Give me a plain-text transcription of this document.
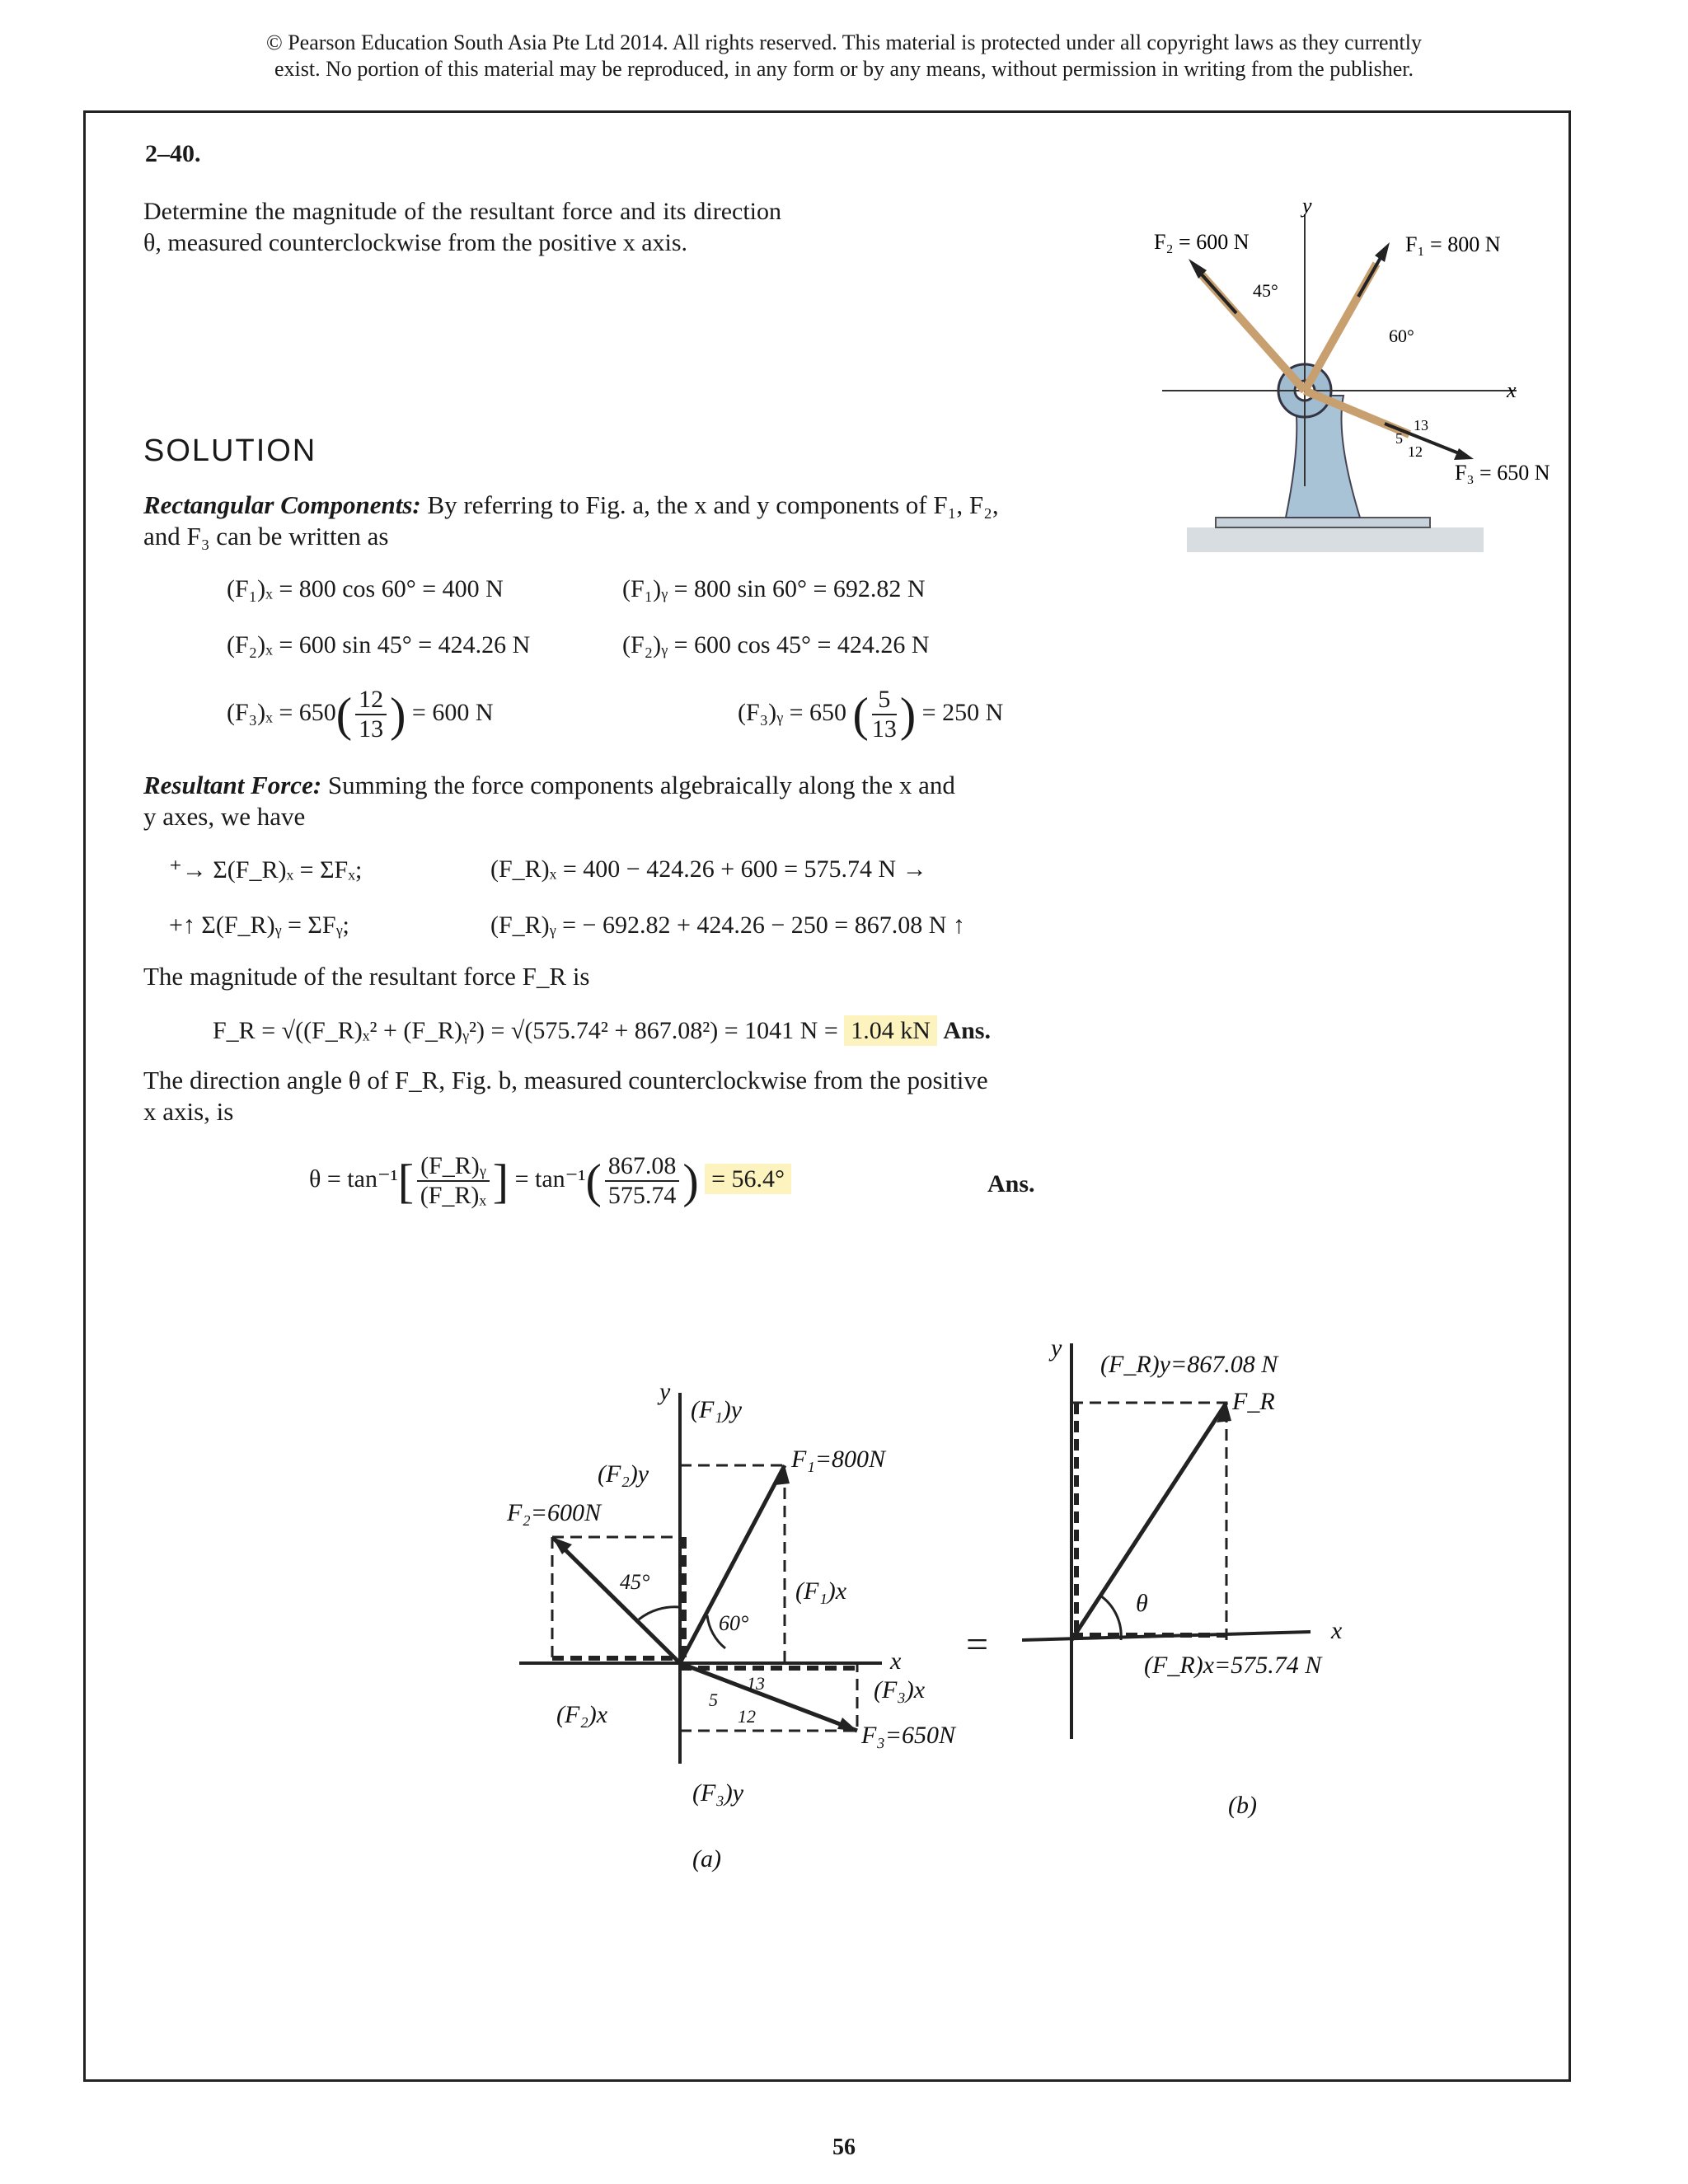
© Pearson Education South Asia Pte Ltd 2014. All rights reserved. This material is protected under all copyright laws as they currently
exist. No portion of this material may be reproduced, in any form or by any means, without permission in writing from the publisher.
2–40.
Determine the magnitude of the resultant force and its direction θ, measured counterclockwise from the positive x axis.
y
x
F₂ = 600 N
45°
F₁ = 800 N
60°
F₃ = 650 N
13
5
12
SOLUTION
Rectangular Components: By referring to Fig. a, the x and y components of F₁, F₂,
and F₃ can be written as
(F₁)ₓ = 800 cos 60° = 400 N	(F₁)ᵧ = 800 sin 60° = 692.82 N
(F₂)ₓ = 600 sin 45° = 424.26 N	(F₂)ᵧ = 600 cos 45° = 424.26 N
$(F_3)_x = 650( \frac{12}{13}$ ) = 600 N	(F₃)ᵧ = 650 ( $\frac{5}{13}$ ) = 250 N
Resultant Force: Summing the force components algebraically along the x and
y axes, we have
⁺→ Σ(F_R)ₓ = ΣFₓ;	(F_R)ₓ = 400 − 424.26 + 600 = 575.74 N →
+↑ Σ(F_R)ᵧ = ΣFᵧ;	(F_R)ᵧ = − 692.82 + 424.26 − 250 = 867.08 N ↑
The magnitude of the resultant force F_R is
F_R = √((F_R)ₓ² + (F_R)ᵧ²) = √(575.74² + 867.08²) = 1041 N = 1.04 kN Ans.
The direction angle θ of F_R, Fig. b, measured counterclockwise from the positive
x axis, is
$\theta = \tan^{-1}[ \frac{\text{(F\_R)ᵧ}}{\text{(F\_R)ₓ}}$ ] = $\tan^{-1}( \frac{867.08}{575.74}$ ) = 56.4°	Ans.
y
(F₁)y
F₁=800N
(F₂)y
F₂=600N
45°
60°
(F₁)x
x
(F₂)x
(F₃)x
F₃=650N
(F₃)y
13
5
12
(a)
=
y
(F_R)y=867.08 N
F_R
θ
(F_R)x=575.74 N
x
(b)
56
